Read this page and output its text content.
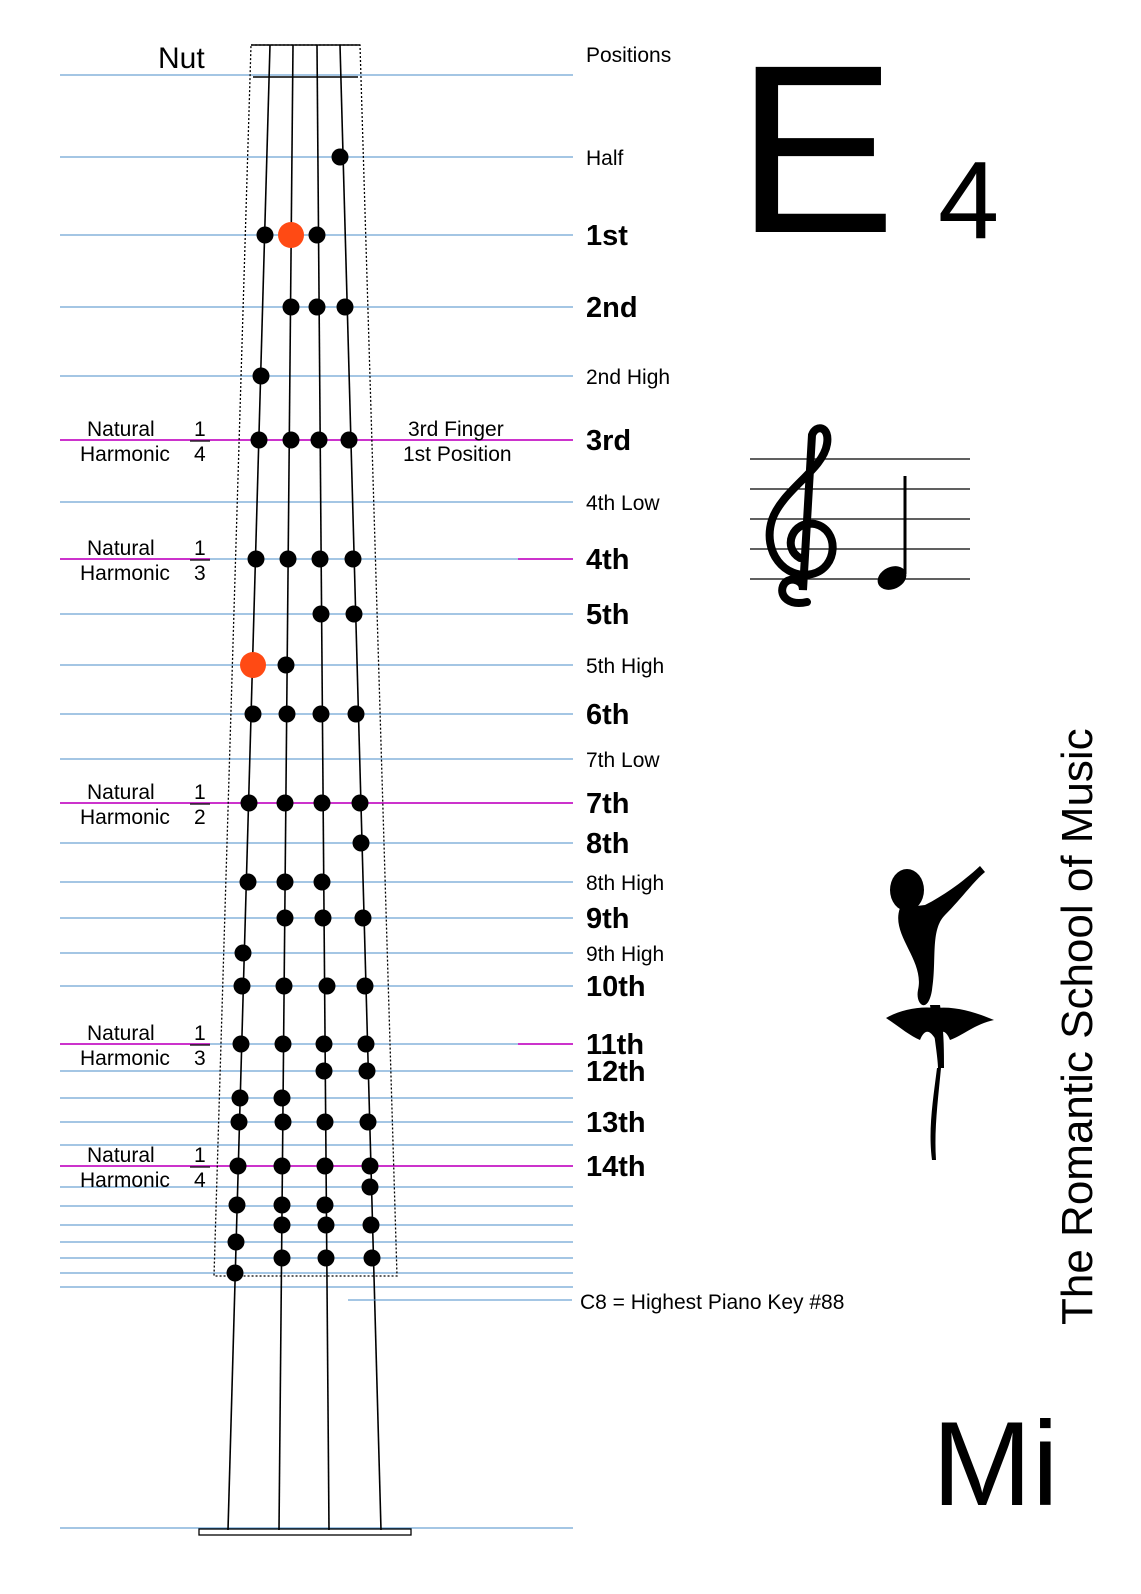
Nut	Positions
Half
1st
2nd
2nd High
3rd
4th Low
4th
5th
5th High
6th
7th Low
7th
8th
8th High
9th
9th High
10th
11th
12th
13th
14th
Natural
Harmonic
1
4
Natural
Harmonic
1
3
Natural
Harmonic
1
2
Natural
Harmonic
1
3
Natural
Harmonic
1
4
3rd Finger
1st Position
C8 = Highest Piano Key #88
E 4
The Romantic School of Music
Mi
